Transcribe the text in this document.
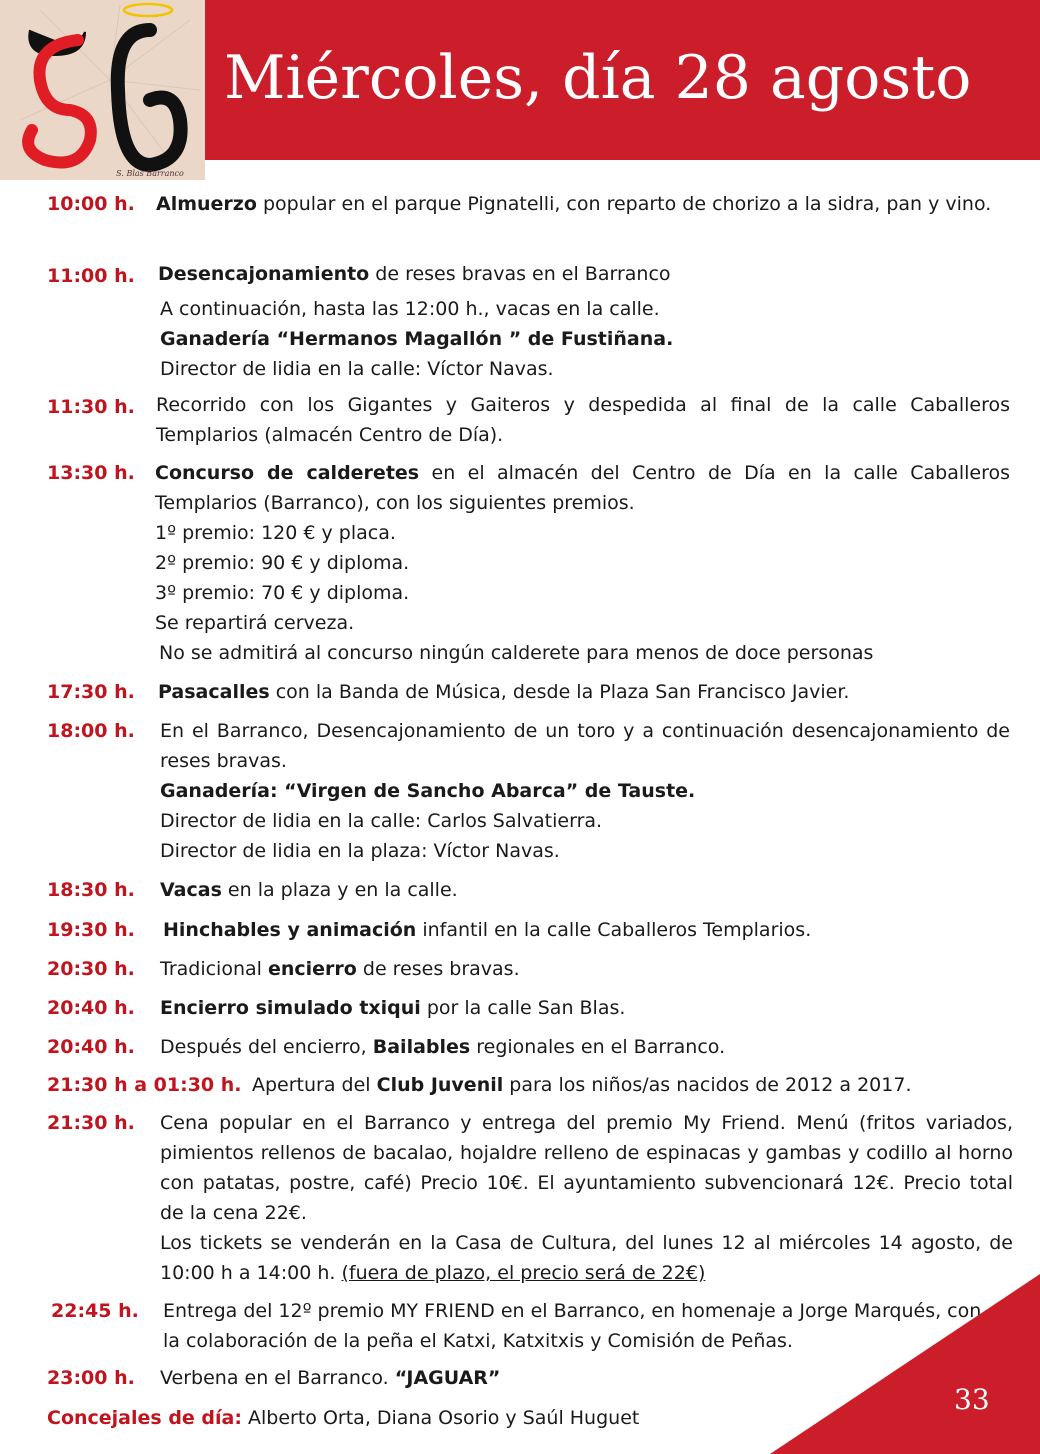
S. Blas Barranco
Miércoles, día 28 agosto
10:00 h. Almuerzo popular en el parque Pignatelli, con reparto de chorizo a la sidra, pan y vino.
11:00 h. Desencajonamiento de reses bravas en el Barranco
A continuación, hasta las 12:00 h., vacas en la calle.
Ganadería “Hermanos Magallón ” de Fustiñana.
Director de lidia en la calle: Víctor Navas.
11:30 h. Recorrido con los Gigantes y Gaiteros y despedida al final de la calle Caballeros Templarios (almacén Centro de Día).
13:30 h. Concurso de calderetes en el almacén del Centro de Día en la calle Caballeros Templarios (Barranco), con los siguientes premios.
1º premio: 120 € y placa.
2º premio: 90 € y diploma.
3º premio: 70 € y diploma.
Se repartirá cerveza.
No se admitirá al concurso ningún calderete para menos de doce personas
17:30 h. Pasacalles con la Banda de Música, desde la Plaza San Francisco Javier.
18:00 h. En el Barranco, Desencajonamiento de un toro y a continuación desencajonamiento de reses bravas.
Ganadería: “Virgen de Sancho Abarca” de Tauste.
Director de lidia en la calle: Carlos Salvatierra.
Director de lidia en la plaza: Víctor Navas.
18:30 h. Vacas en la plaza y en la calle.
19:30 h. Hinchables y animación infantil en la calle Caballeros Templarios.
20:30 h. Tradicional encierro de reses bravas.
20:40 h. Encierro simulado txiqui por la calle San Blas.
20:40 h. Después del encierro, Bailables regionales en el Barranco.
21:30 h a 01:30 h. Apertura del Club Juvenil para los niños/as nacidos de 2012 a 2017.
21:30 h. Cena popular en el Barranco y entrega del premio My Friend. Menú (fritos variados, pimientos rellenos de bacalao, hojaldre relleno de espinacas y gambas y codillo al horno con patatas, postre, café) Precio 10€. El ayuntamiento subvencionará 12€. Precio total de la cena 22€.
Los tickets se venderán en la Casa de Cultura, del lunes 12 al miércoles 14 agosto, de 10:00 h a 14:00 h. (fuera de plazo, el precio será de 22€)
22:45 h. Entrega del 12º premio MY FRIEND en el Barranco, en homenaje a Jorge Marqués, con la colaboración de la peña el Katxi, Katxitxis y Comisión de Peñas.
23:00 h. Verbena en el Barranco. “JAGUAR”
33
Concejales de día: Alberto Orta, Diana Osorio y Saúl Huguet
